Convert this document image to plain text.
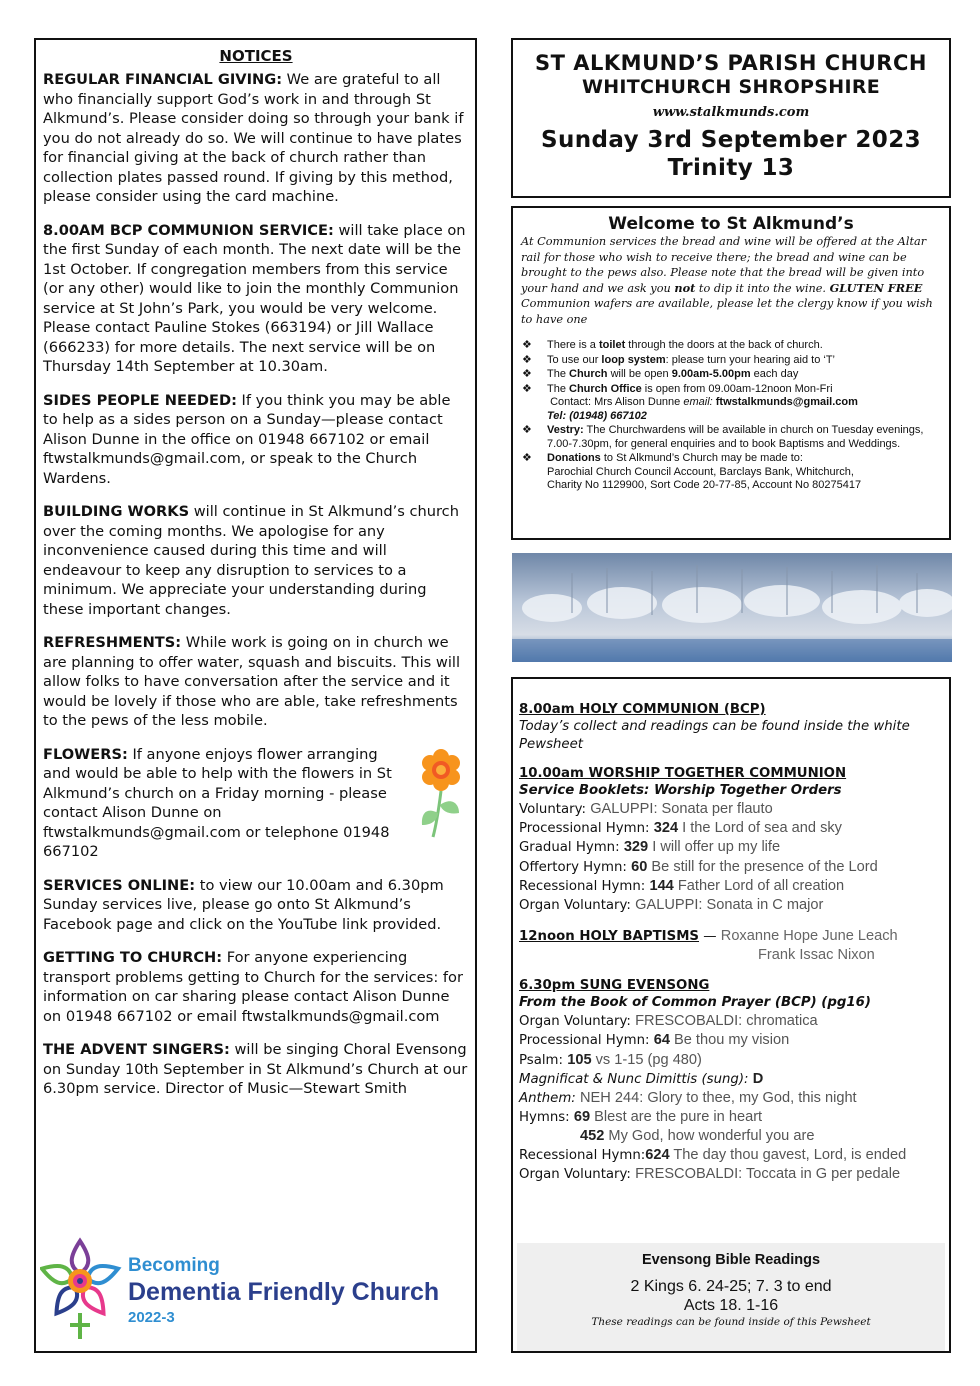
NOTICES
REGULAR FINANCIAL GIVING: We are grateful to all who financially support God’s work in and through St Alkmund’s. Please consider doing so through your bank if you do not already do so. We will continue to have plates for financial giving at the back of church rather than collection plates passed round. If giving by this method, please consider using the card machine.
8.00AM BCP COMMUNION SERVICE: will take place on the first Sunday of each month. The next date will be the 1st October. If congregation members from this service (or any other) would like to join the monthly Communion service at St John’s Park, you would be very welcome. Please contact Pauline Stokes (663194) or Jill Wallace (666233) for more details. The next service will be on Thursday 14th September at 10.30am.
SIDES PEOPLE NEEDED: If you think you may be able to help as a sides person on a Sunday—please contact Alison Dunne in the office on 01948 667102 or email ftwstalkmunds@gmail.com, or speak to the Church Wardens.
BUILDING WORKS will continue in St Alkmund’s church over the coming months. We apologise for any inconvenience caused during this time and will endeavour to keep any disruption to services to a minimum. We appreciate your understanding during these important changes.
REFRESHMENTS: While work is going on in church we are planning to offer water, squash and biscuits. This will allow folks to have conversation after the service and it would be lovely if those who are able, take refreshments to the pews of the less mobile.
FLOWERS: If anyone enjoys flower arranging and would be able to help with the flowers in St Alkmund’s church on a Friday morning - please contact Alison Dunne on ftwstalkmunds@gmail.com or telephone 01948 667102
SERVICES ONLINE: to view our 10.00am and 6.30pm Sunday services live, please go onto St Alkmund’s Facebook page and click on the YouTube link provided.
GETTING TO CHURCH: For anyone experiencing transport problems getting to Church for the services: for information on car sharing please contact Alison Dunne on 01948 667102 or email ftwstalkmunds@gmail.com
THE ADVENT SINGERS: will be singing Choral Evensong on Sunday 10th September in St Alkmund’s Church at our 6.30pm service. Director of Music—Stewart Smith
Becoming
Dementia Friendly Church
2022-3
ST ALKMUND’S PARISH CHURCH
WHITCHURCH SHROPSHIRE
www.stalkmunds.com
Sunday 3rd September 2023
Trinity 13
Welcome to St Alkmund’s
At Communion services the bread and wine will be offered at the Altar rail for those who wish to receive there; the bread and wine can be brought to the pews also. Please note that the bread will be given into your hand and we ask you not to dip it into the wine. GLUTEN FREE Communion wafers are available, please let the clergy know if you wish to have one
❖ There is a toilet through the doors at the back of church.
❖ To use our loop system: please turn your hearing aid to ‘T’
❖ The Church will be open 9.00am-5.00pm each day
❖ The Church Office is open from 09.00am-12noon Mon-Fri
Contact: Mrs Alison Dunne email: ftwstalkmunds@gmail.com
Tel: (01948) 667102
❖ Vestry: The Churchwardens will be available in church on Tuesday evenings, 7.00-7.30pm, for general enquiries and to book Baptisms and Weddings.
❖ Donations to St Alkmund’s Church may be made to:
Parochial Church Council Account, Barclays Bank, Whitchurch,
Charity No 1129900, Sort Code 20-77-85, Account No 80275417
8.00am HOLY COMMUNION (BCP)
Today’s collect and readings can be found inside the white Pewsheet
10.00am WORSHIP TOGETHER COMMUNION
Service Booklets: Worship Together Orders
Voluntary: GALUPPI: Sonata per flauto
Processional Hymn: 324 I the Lord of sea and sky
Gradual Hymn: 329 I will offer up my life
Offertory Hymn: 60 Be still for the presence of the Lord
Recessional Hymn: 144 Father Lord of all creation
Organ Voluntary: GALUPPI: Sonata in C major
12noon HOLY BAPTISMS — Roxanne Hope June Leach
Frank Issac Nixon
6.30pm SUNG EVENSONG
From the Book of Common Prayer (BCP) (pg16)
Organ Voluntary: FRESCOBALDI: chromatica
Processional Hymn: 64 Be thou my vision
Psalm: 105 vs 1-15 (pg 480)
Magnificat & Nunc Dimittis (sung): D
Anthem: NEH 244: Glory to thee, my God, this night
Hymns: 69 Blest are the pure in heart
452 My God, how wonderful you are
Recessional Hymn:624 The day thou gavest, Lord, is ended
Organ Voluntary: FRESCOBALDI: Toccata in G per pedale
Evensong Bible Readings
2 Kings 6. 24-25; 7. 3 to end
Acts 18. 1-16
These readings can be found inside of this Pewsheet
